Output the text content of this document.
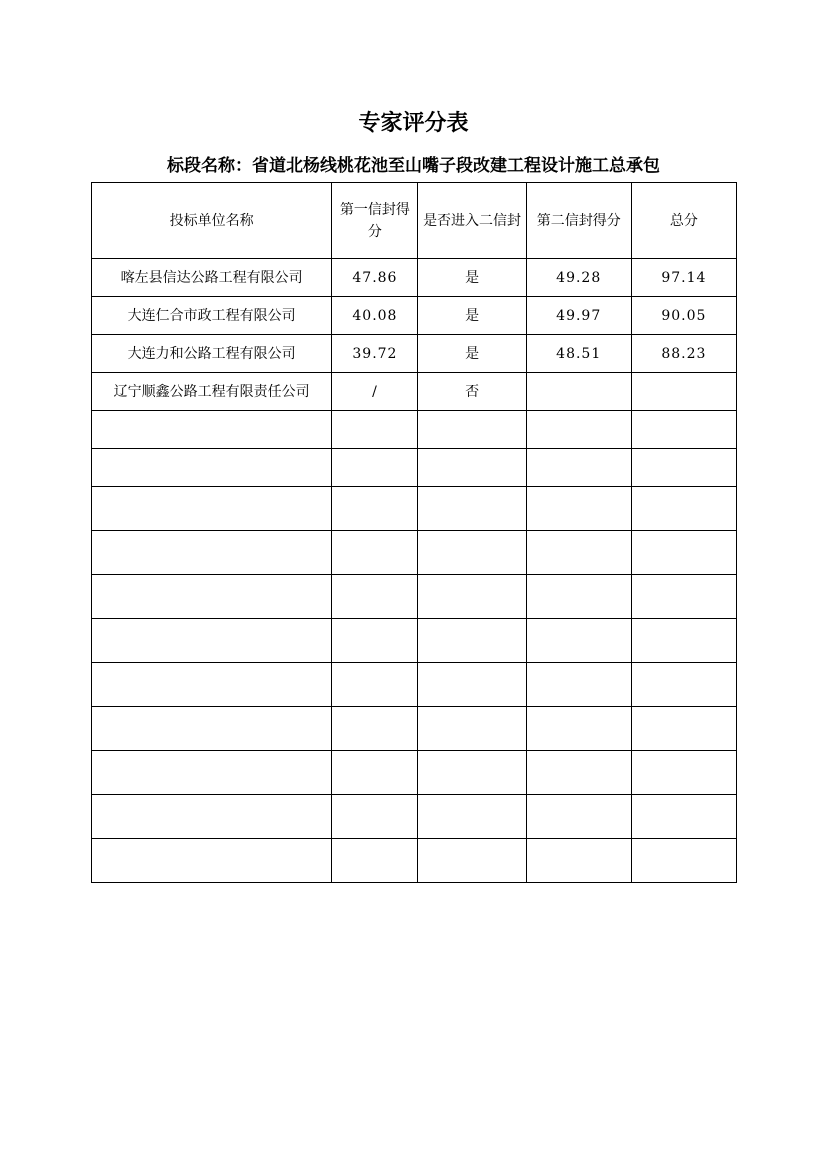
专家评分表
标段名称：省道北杨线桃花池至山嘴子段改建工程设计施工总承包
投标单位名称	第一信封得分	是否进入二信封	第二信封得分	总分
喀左县信达公路工程有限公司	47.86	是	49.28	97.14
大连仁合市政工程有限公司	40.08	是	49.97	90.05
大连力和公路工程有限公司	39.72	是	48.51	88.23
辽宁顺鑫公路工程有限责任公司	/	否		
